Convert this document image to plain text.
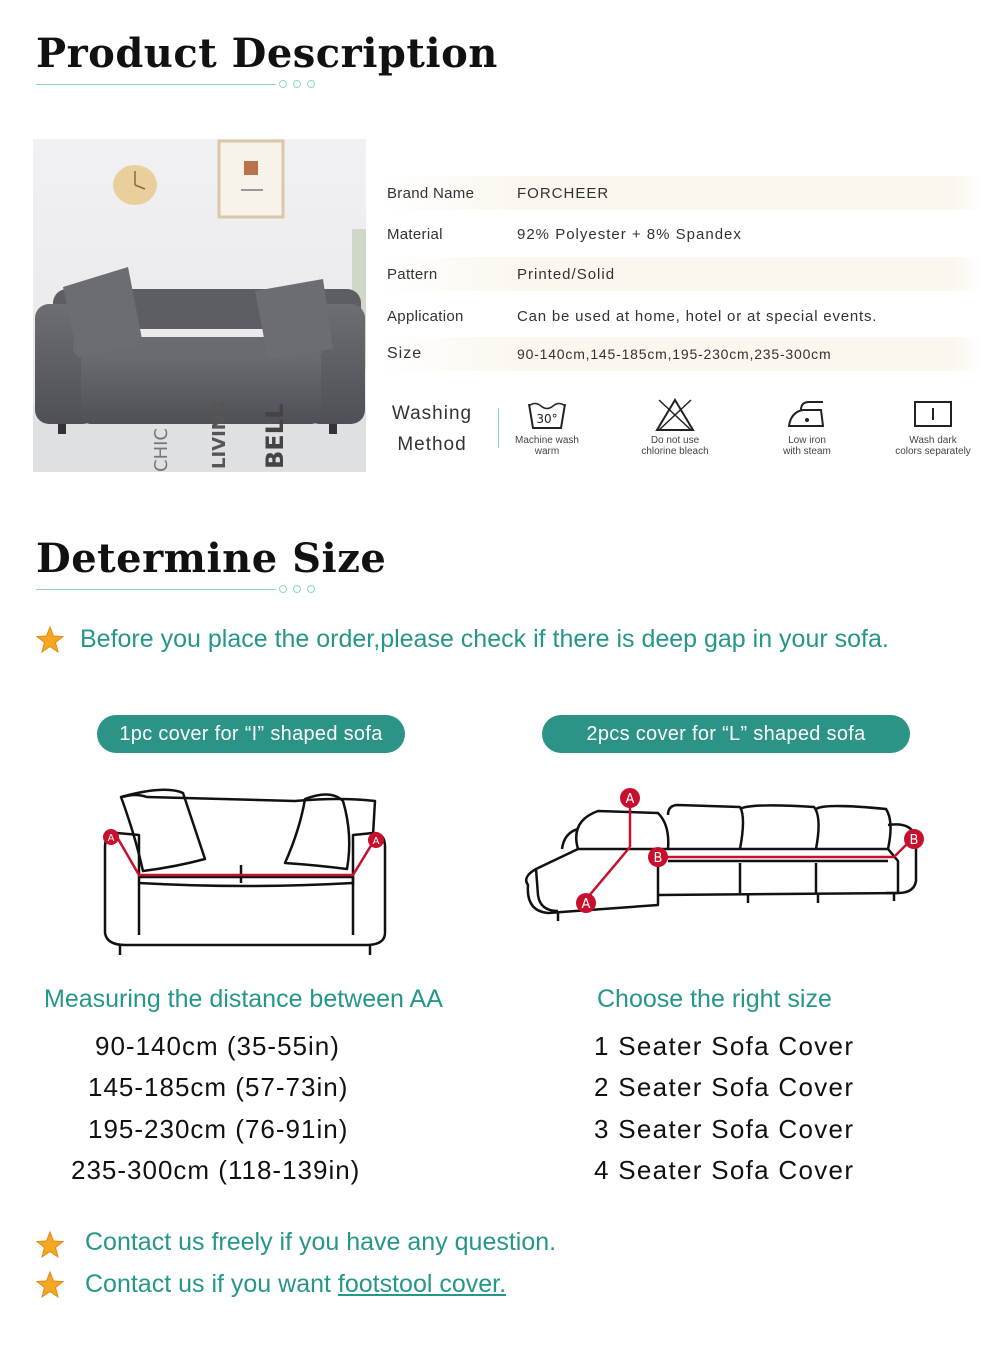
Product Description
BELL
LIVING
CHIC
Brand Name	FORCHEER
Material	92% Polyester + 8% Spandex
Pattern	Printed/Solid
Application	Can be used at home, hotel or at special events.
Size	90-140cm,145-185cm,195-230cm,235-300cm
Washing
Method
30°
Machine wash
warm
Do not use
chlorine bleach
Low iron
with steam
Wash dark
colors separately
Determine Size
Before you place the order,please check if there is deep gap in your sofa.
1pc cover for “I” shaped sofa	2pcs cover for “L” shaped sofa
A	A
A
A
B
B
Measuring the distance between AA
90-140cm (35-55in)
145-185cm (57-73in)
195-230cm (76-91in)
235-300cm (118-139in)
Choose the right size
1 Seater Sofa Cover
2 Seater Sofa Cover
3 Seater Sofa Cover
4 Seater Sofa Cover
Contact us freely if you have any question.
Contact us if you want footstool cover.
